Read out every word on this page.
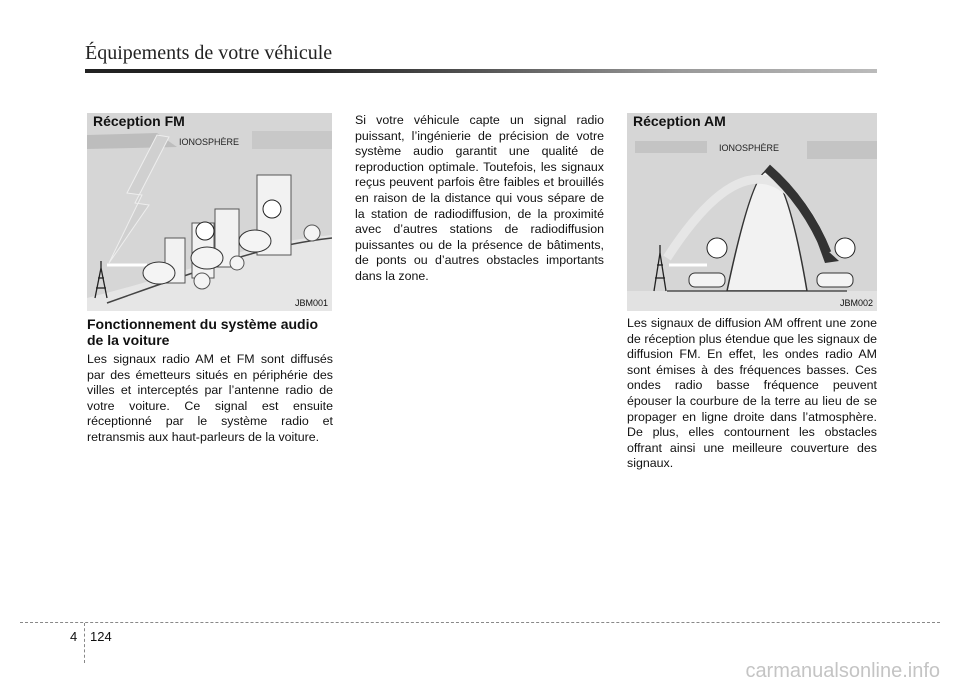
Équipements de votre véhicule
Réception FM
IONOSPHÈRE
JBM001
Fonctionnement du système audio de la voiture

Les signaux radio AM et FM sont diffusés par des émetteurs situés en périphérie des villes et interceptés par l’antenne radio de votre voiture. Ce signal est ensuite réceptionné par le système radio et retransmis aux haut-parleurs de la voiture.

Si votre véhicule capte un signal radio puissant, l’ingénierie de précision de votre système audio garantit une qualité de reproduction optimale. Toutefois, les signaux reçus peuvent parfois être faibles et brouillés en raison de la distance qui vous sépare de la station de radiodiffusion, de la proximité avec d’autres stations de radiodiffusion puissantes ou de la présence de bâtiments, de ponts ou d’autres obstacles importants dans la zone.

Réception AM
IONOSPHÈRE
JBM002

Les signaux de diffusion AM offrent une zone de réception plus étendue que les signaux de diffusion FM. En effet, les ondes radio AM sont émises à des fréquences basses. Ces ondes radio basse fréquence peuvent épouser la courbure de la terre au lieu de se propager en ligne droite dans l’atmosphère. De plus, elles contournent les obstacles offrant ainsi une meilleure couverture des signaux.

4 124
carmanualsonline.info
